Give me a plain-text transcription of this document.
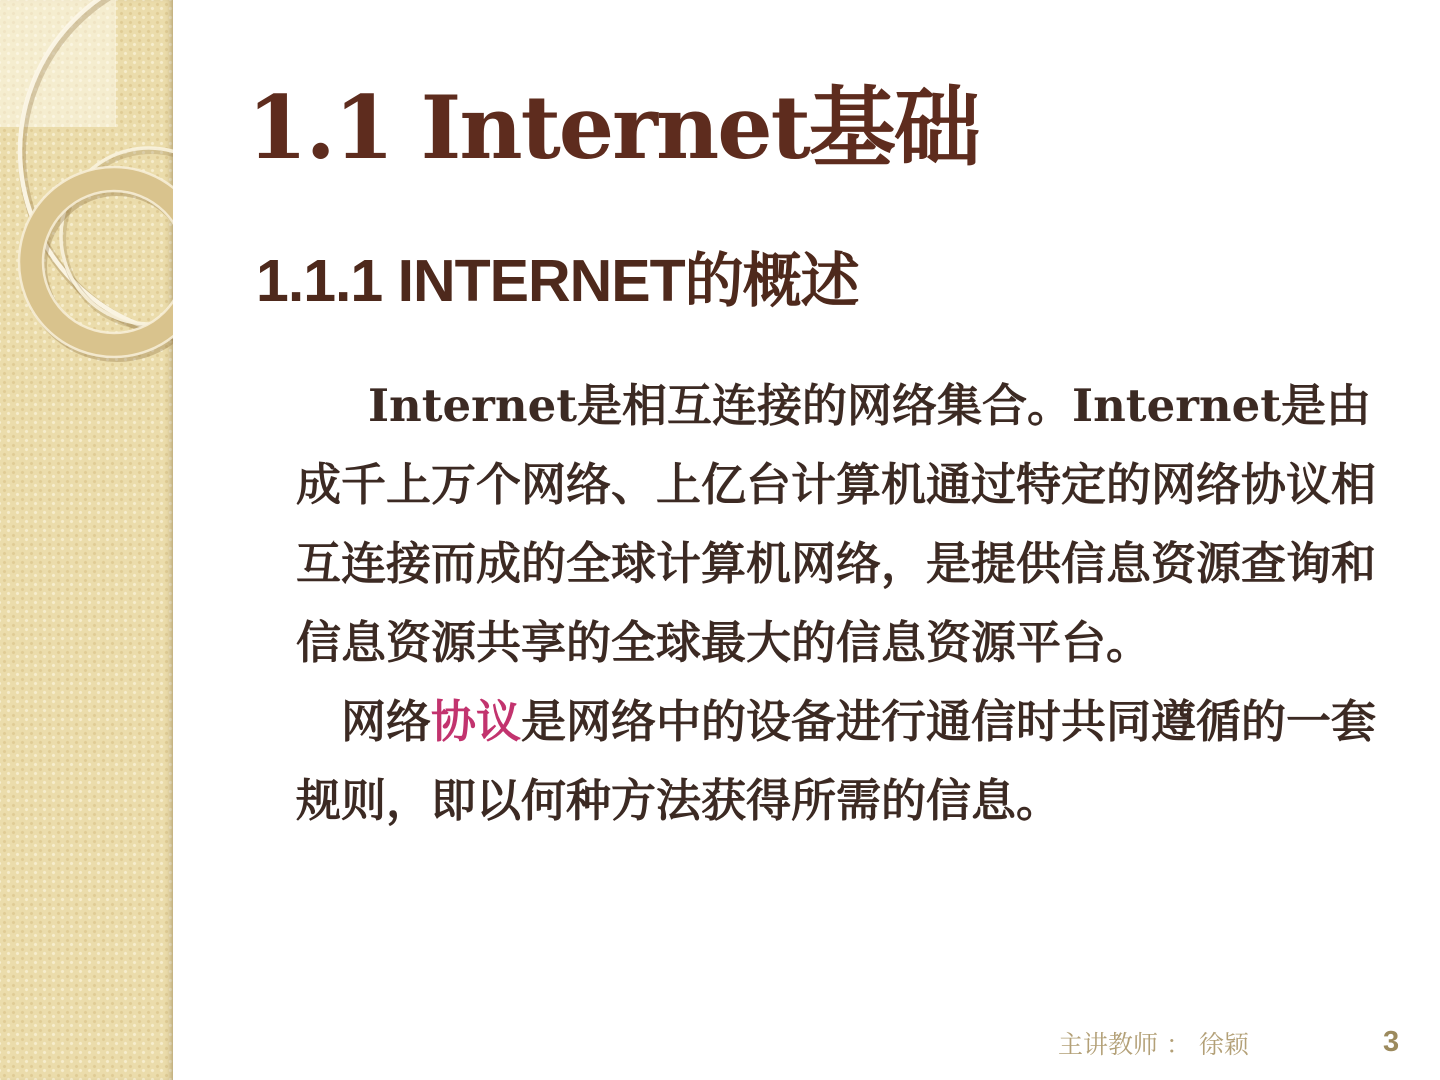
1.1 Internet基础
1.1.1 INTERNET的概述

Internet是相互连接的网络集合。Internet是由成千上万个网络、上亿台计算机通过特定的网络协议相互连接而成的全球计算机网络，是提供信息资源查询和信息资源共享的全球最大的信息资源平台。

网络协议是网络中的设备进行通信时共同遵循的一套规则，即以何种方法获得所需的信息。

主讲教师 ： 徐颖	3
